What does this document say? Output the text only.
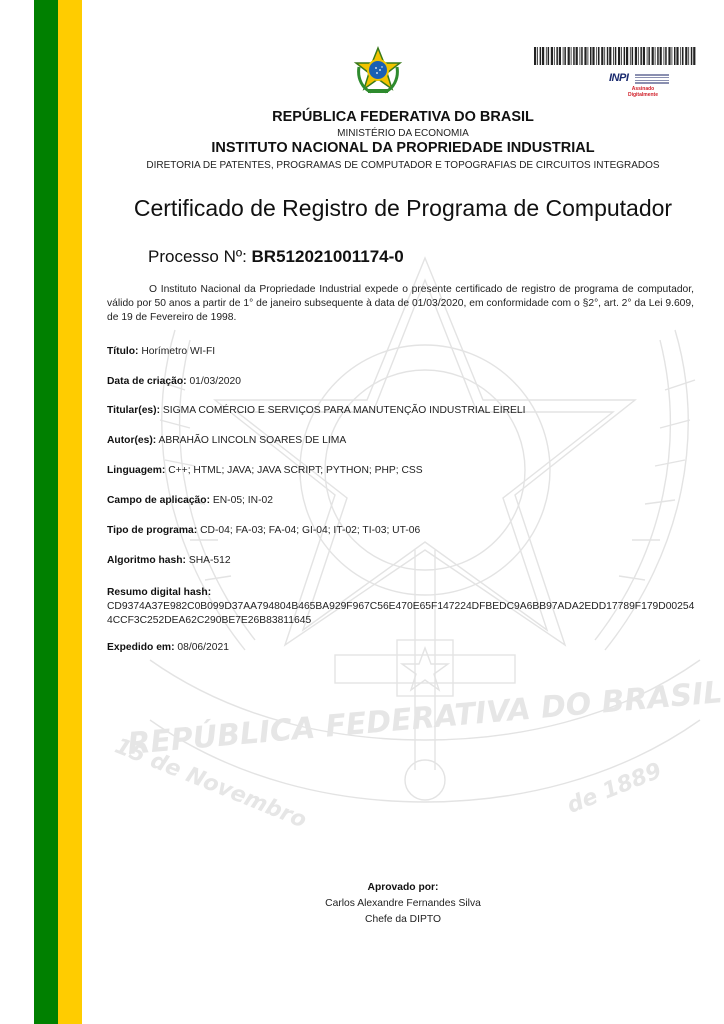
REPÚBLICA FEDERATIVA DO BRASIL
15 de Novembro	de 1889
INPI
Assinado Digitalmente
REPÚBLICA FEDERATIVA DO BRASIL
MINISTÉRIO DA ECONOMIA
INSTITUTO NACIONAL DA PROPRIEDADE INDUSTRIAL
DIRETORIA DE PATENTES, PROGRAMAS DE COMPUTADOR E TOPOGRAFIAS DE CIRCUITOS INTEGRADOS
Certificado de Registro de Programa de Computador
Processo Nº: BR512021001174-0
O Instituto Nacional da Propriedade Industrial expede o presente certificado de registro de programa de computador, válido por 50 anos a partir de 1° de janeiro subsequente à data de 01/03/2020, em conformidade com o §2°, art. 2° da Lei 9.609, de 19 de Fevereiro de 1998.
Título: Horímetro WI-FI
Data de criação: 01/03/2020
Titular(es): SIGMA COMÉRCIO E SERVIÇOS PARA MANUTENÇÃO INDUSTRIAL EIRELI
Autor(es): ABRAHÃO LINCOLN SOARES DE LIMA
Linguagem: C++; HTML; JAVA; JAVA SCRIPT; PYTHON; PHP; CSS
Campo de aplicação: EN-05; IN-02
Tipo de programa: CD-04; FA-03; FA-04; GI-04; IT-02; TI-03; UT-06
Algoritmo hash: SHA-512
Resumo digital hash:
CD9374A37E982C0B099D37AA794804B465BA929F967C56E470E65F147224DFBEDC9A6BB97ADA2EDD17789F179D002544CCF3C252DEA62C290BE7E26B83811645
Expedido em: 08/06/2021
Aprovado por:
Carlos Alexandre Fernandes Silva
Chefe da DIPTO
